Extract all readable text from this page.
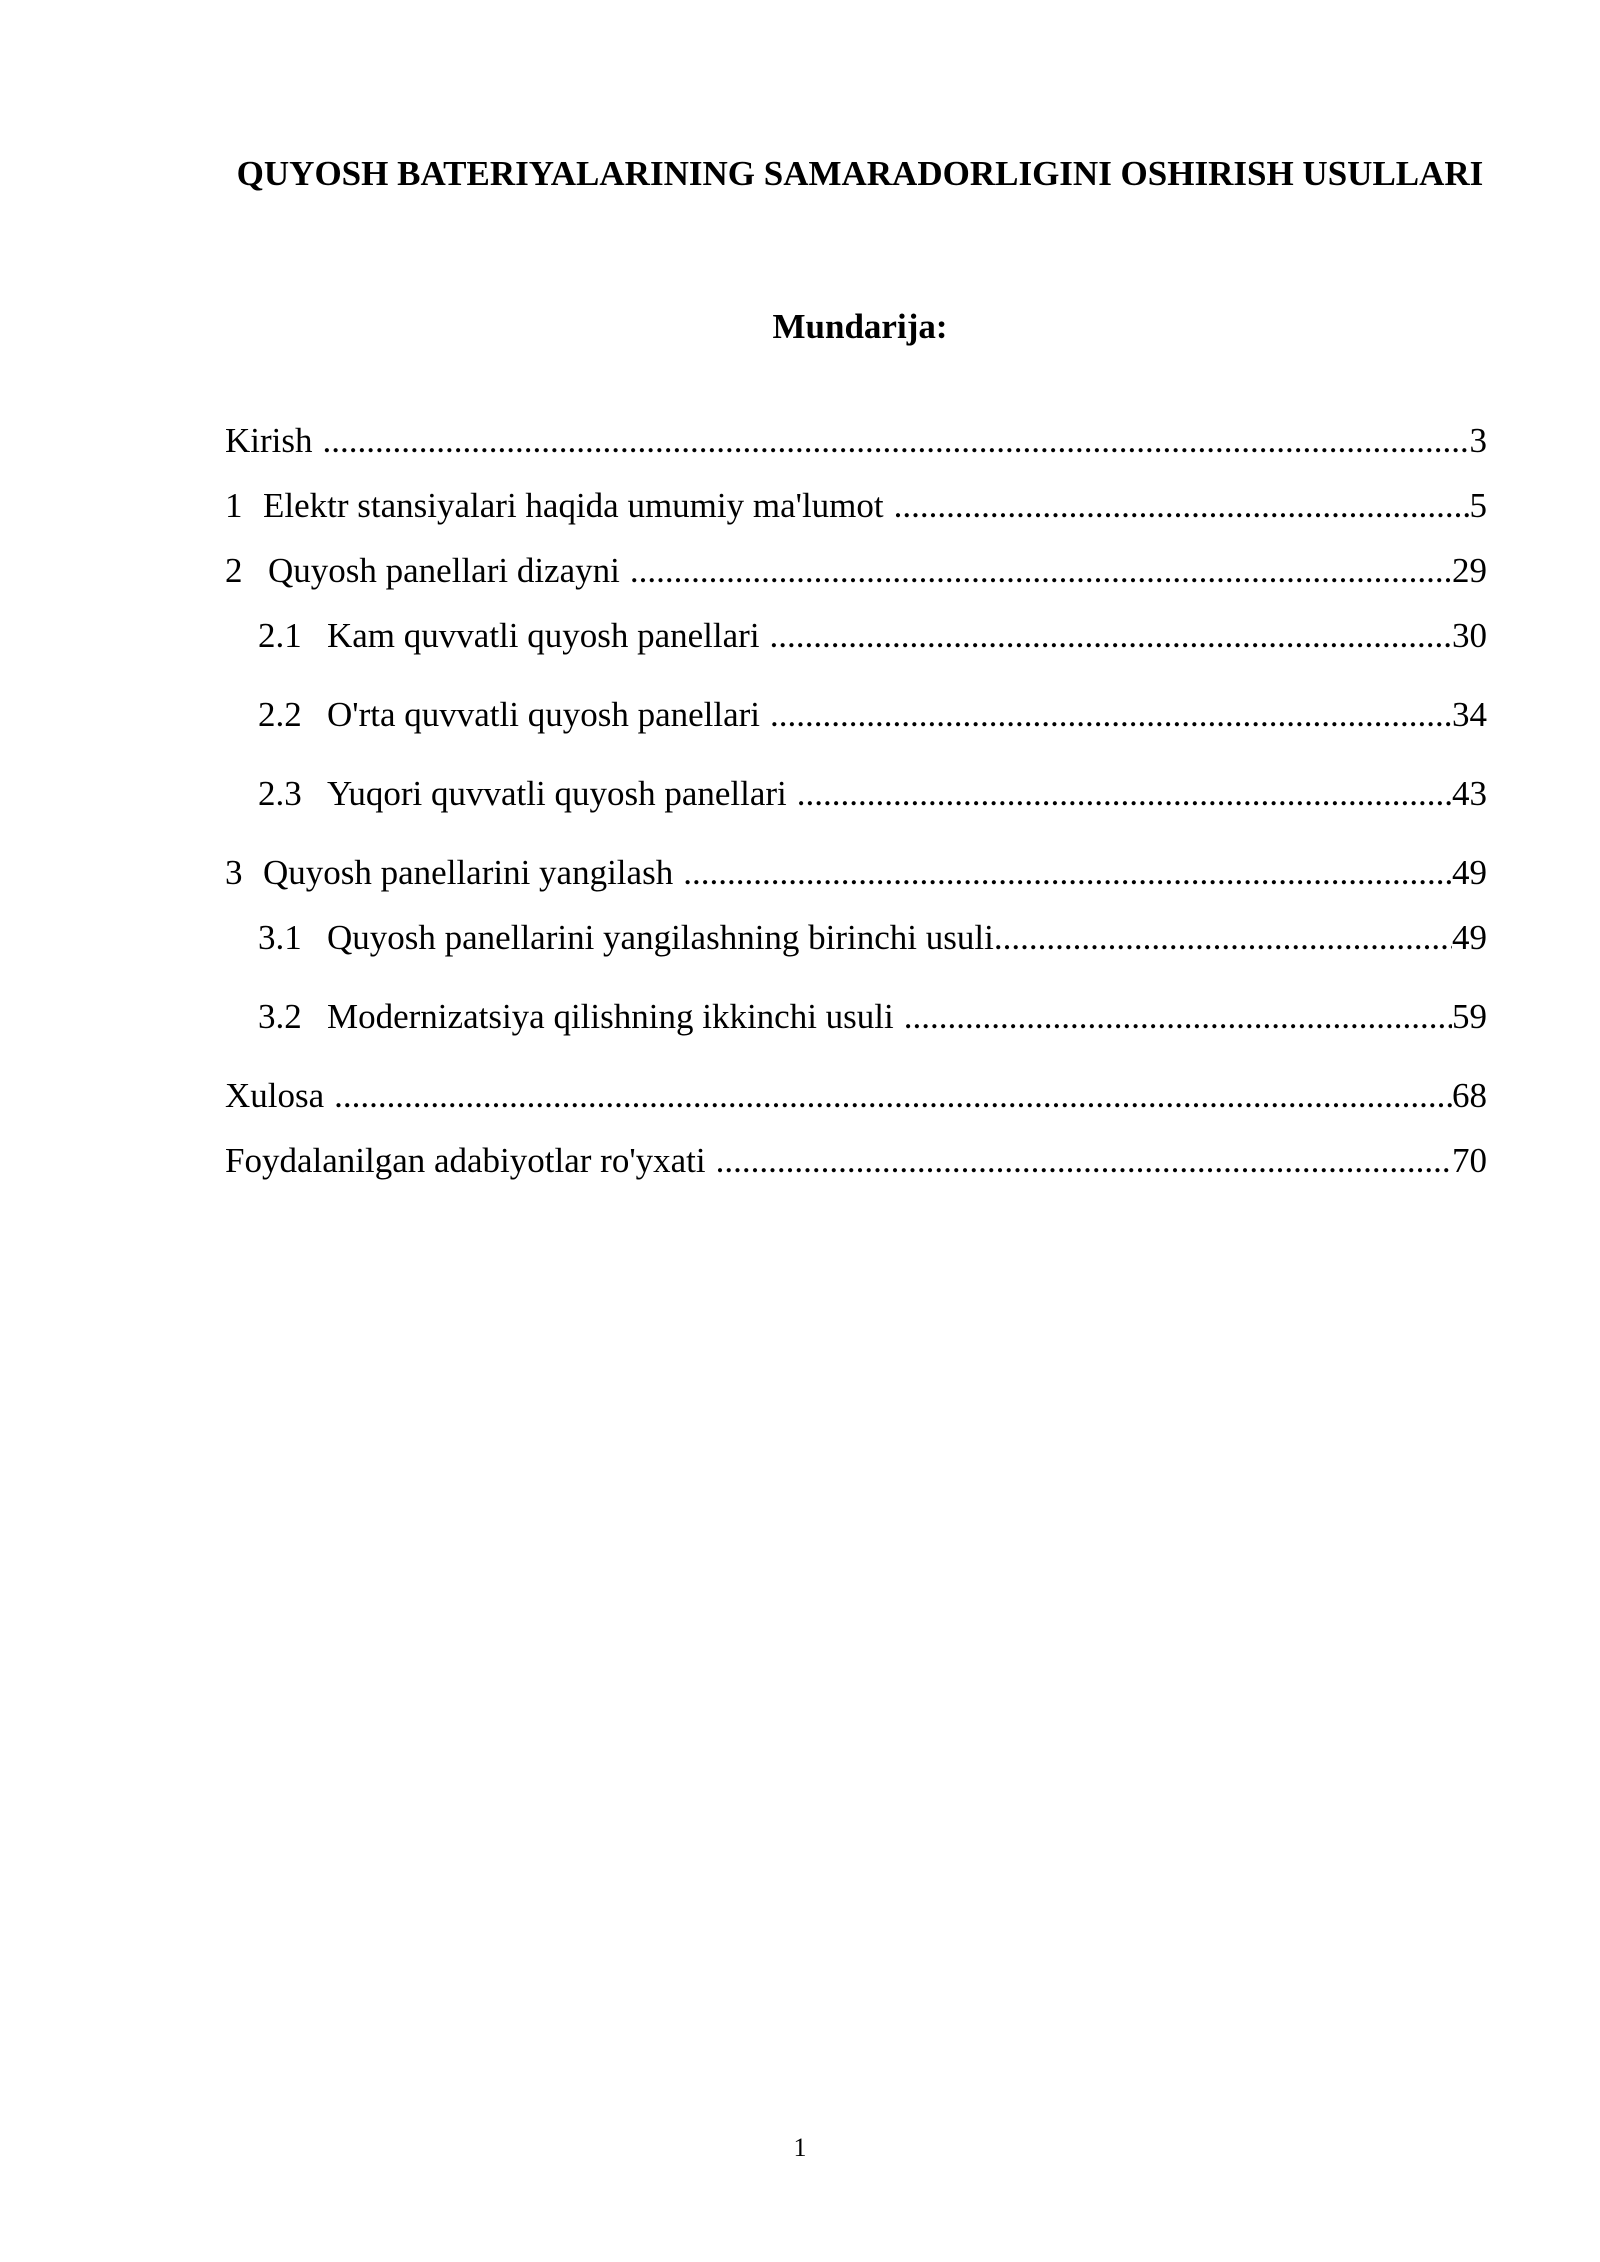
QUYOSH BATERIYALARINING SAMARADORLIGINI OSHIRISH USULLARI
Mundarija:
Kirish .....	3
1 Elektr stansiyalari haqida umumiy ma'lumot .....	5
2 Quyosh panellari dizayni .....	29
2.1 Kam quvvatli quyosh panellari .....	30
2.2 O'rta quvvatli quyosh panellari .....	34
2.3 Yuqori quvvatli quyosh panellari .....	43
3 Quyosh panellarini yangilash .....	49
3.1 Quyosh panellarini yangilashning birinchi usuli .....	49
3.2 Modernizatsiya qilishning ikkinchi usuli .....	59
Xulosa .....	68
Foydalanilgan adabiyotlar ro'yxati .....	70
1
